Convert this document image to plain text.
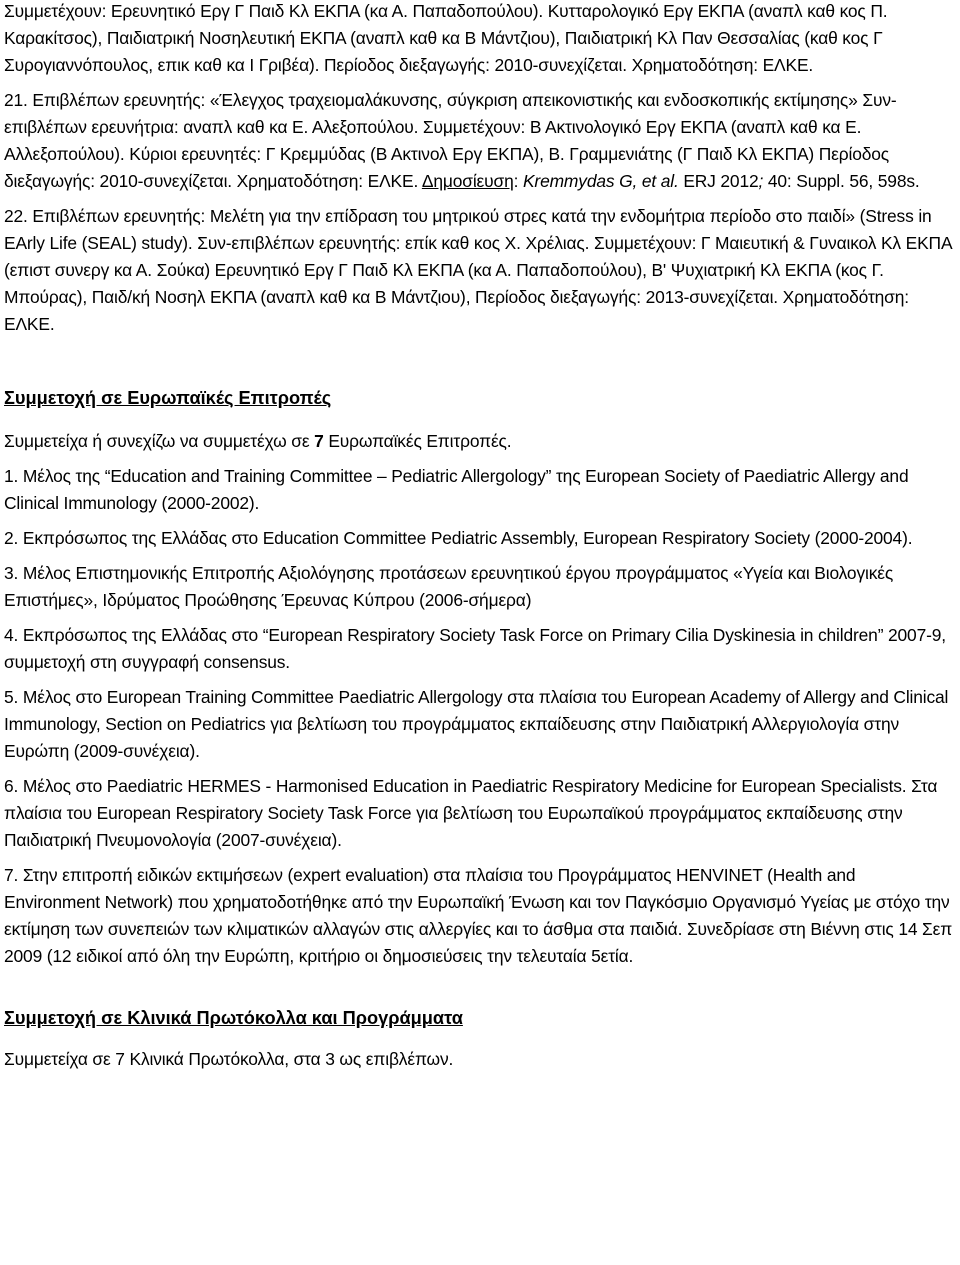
Συμμετέχουν: Ερευνητικό Εργ Γ Παιδ Κλ ΕΚΠΑ (κα Α. Παπαδοπούλου). Κυτταρολογικό Εργ ΕΚΠΑ (αναπλ καθ κος Π. Καρακίτσος), Παιδιατρική Νοσηλευτική ΕΚΠΑ (αναπλ καθ κα Β Μάντζιου), Παιδιατρική Κλ Παν Θεσσαλίας (καθ κος Γ Συρογιαννόπουλος, επικ καθ κα Ι Γριβέα). Περίοδος διεξαγωγής: 2010-συνεχίζεται. Χρηματοδότηση: ΕΛΚΕ.

21. Επιβλέπων ερευνητής: «Έλεγχος τραχειομαλάκυνσης, σύγκριση απεικονιστικής και ενδοσκοπικής εκτίμησης» Συν-επιβλέπων ερευνήτρια: αναπλ καθ κα Ε. Αλεξοπούλου. Συμμετέχουν: Β Ακτινολογικό Εργ ΕΚΠΑ (αναπλ καθ κα Ε. Αλλεξοπούλου). Κύριοι ερευνητές: Γ Κρεμμύδας (Β Ακτινολ Εργ ΕΚΠΑ), Β. Γραμμενιάτης (Γ Παιδ Κλ ΕΚΠΑ) Περίοδος διεξαγωγής: 2010-συνεχίζεται. Χρηματοδότηση: ΕΛΚΕ. Δημοσίευση: Kremmydas G, et al. ERJ 2012; 40: Suppl. 56, 598s.

22. Επιβλέπων ερευνητής: Μελέτη για την επίδραση του μητρικού στρες κατά την ενδομήτρια περίοδο στο παιδί» (Stress in EArly Life (SEAL) study). Συν-επιβλέπων ερευνητής: επίκ καθ κος Χ. Χρέλιας. Συμμετέχουν: Γ Μαιευτική & Γυναικολ Κλ ΕΚΠΑ (επιστ συνεργ κα Α. Σούκα) Ερευνητικό Εργ Γ Παιδ Κλ ΕΚΠΑ (κα Α. Παπαδοπούλου), Β' Ψυχιατρική Κλ ΕΚΠΑ (κος Γ. Μπούρας), Παιδ/κή Νοσηλ ΕΚΠΑ (αναπλ καθ κα Β Μάντζιου), Περίοδος διεξαγωγής: 2013-συνεχίζεται. Χρηματοδότηση: ΕΛΚΕ.

Συμμετοχή σε Ευρωπαϊκές Επιτροπές

Συμμετείχα ή συνεχίζω να συμμετέχω σε 7 Ευρωπαϊκές Επιτροπές.

1. Μέλος της “Education and Training Committee – Pediatric Allergology” της European Society of Paediatric Allergy and Clinical Immunology (2000-2002).

2. Εκπρόσωπος της Ελλάδας στο Education Committee Pediatric Assembly, European Respiratory Society (2000-2004).

3. Μέλος Επιστημονικής Επιτροπής Αξιολόγησης προτάσεων ερευνητικού έργου προγράμματος «Υγεία και Βιολογικές Επιστήμες», Ιδρύματος Προώθησης Έρευνας Κύπρου (2006-σήμερα)

4. Εκπρόσωπος της Ελλάδας στο “European Respiratory Society Task Force on Primary Cilia Dyskinesia in children” 2007-9, συμμετοχή στη συγγραφή consensus.

5. Μέλος στο European Training Committee Paediatric Allergology στα πλαίσια του European Academy of Allergy and Clinical Immunology, Section on Pediatrics για βελτίωση του προγράμματος εκπαίδευσης στην Παιδιατρική Αλλεργιολογία στην Ευρώπη (2009-συνέχεια).

6. Μέλος στο Paediatric HERMES - Harmonised Education in Paediatric Respiratory Medicine for European Specialists. Στα πλαίσια του European Respiratory Society Task Force για βελτίωση του Ευρωπαϊκού προγράμματος εκπαίδευσης στην Παιδιατρική Πνευμονολογία (2007-συνέχεια).

7. Στην επιτροπή ειδικών εκτιμήσεων (expert evaluation) στα πλαίσια του Προγράμματος HENVINET (Health and Environment Network) που χρηματοδοτήθηκε από την Ευρωπαϊκή Ένωση και τον Παγκόσμιο Οργανισμό Υγείας με στόχο την εκτίμηση των συνεπειών των κλιματικών αλλαγών στις αλλεργίες και το άσθμα στα παιδιά. Συνεδρίασε στη Βιέννη στις 14 Σεπ 2009 (12 ειδικοί από όλη την Ευρώπη, κριτήριο οι δημοσιεύσεις την τελευταία 5ετία.

Συμμετοχή σε Κλινικά Πρωτόκολλα και Προγράμματα

Συμμετείχα σε 7 Κλινικά Πρωτόκολλα, στα 3 ως επιβλέπων.
